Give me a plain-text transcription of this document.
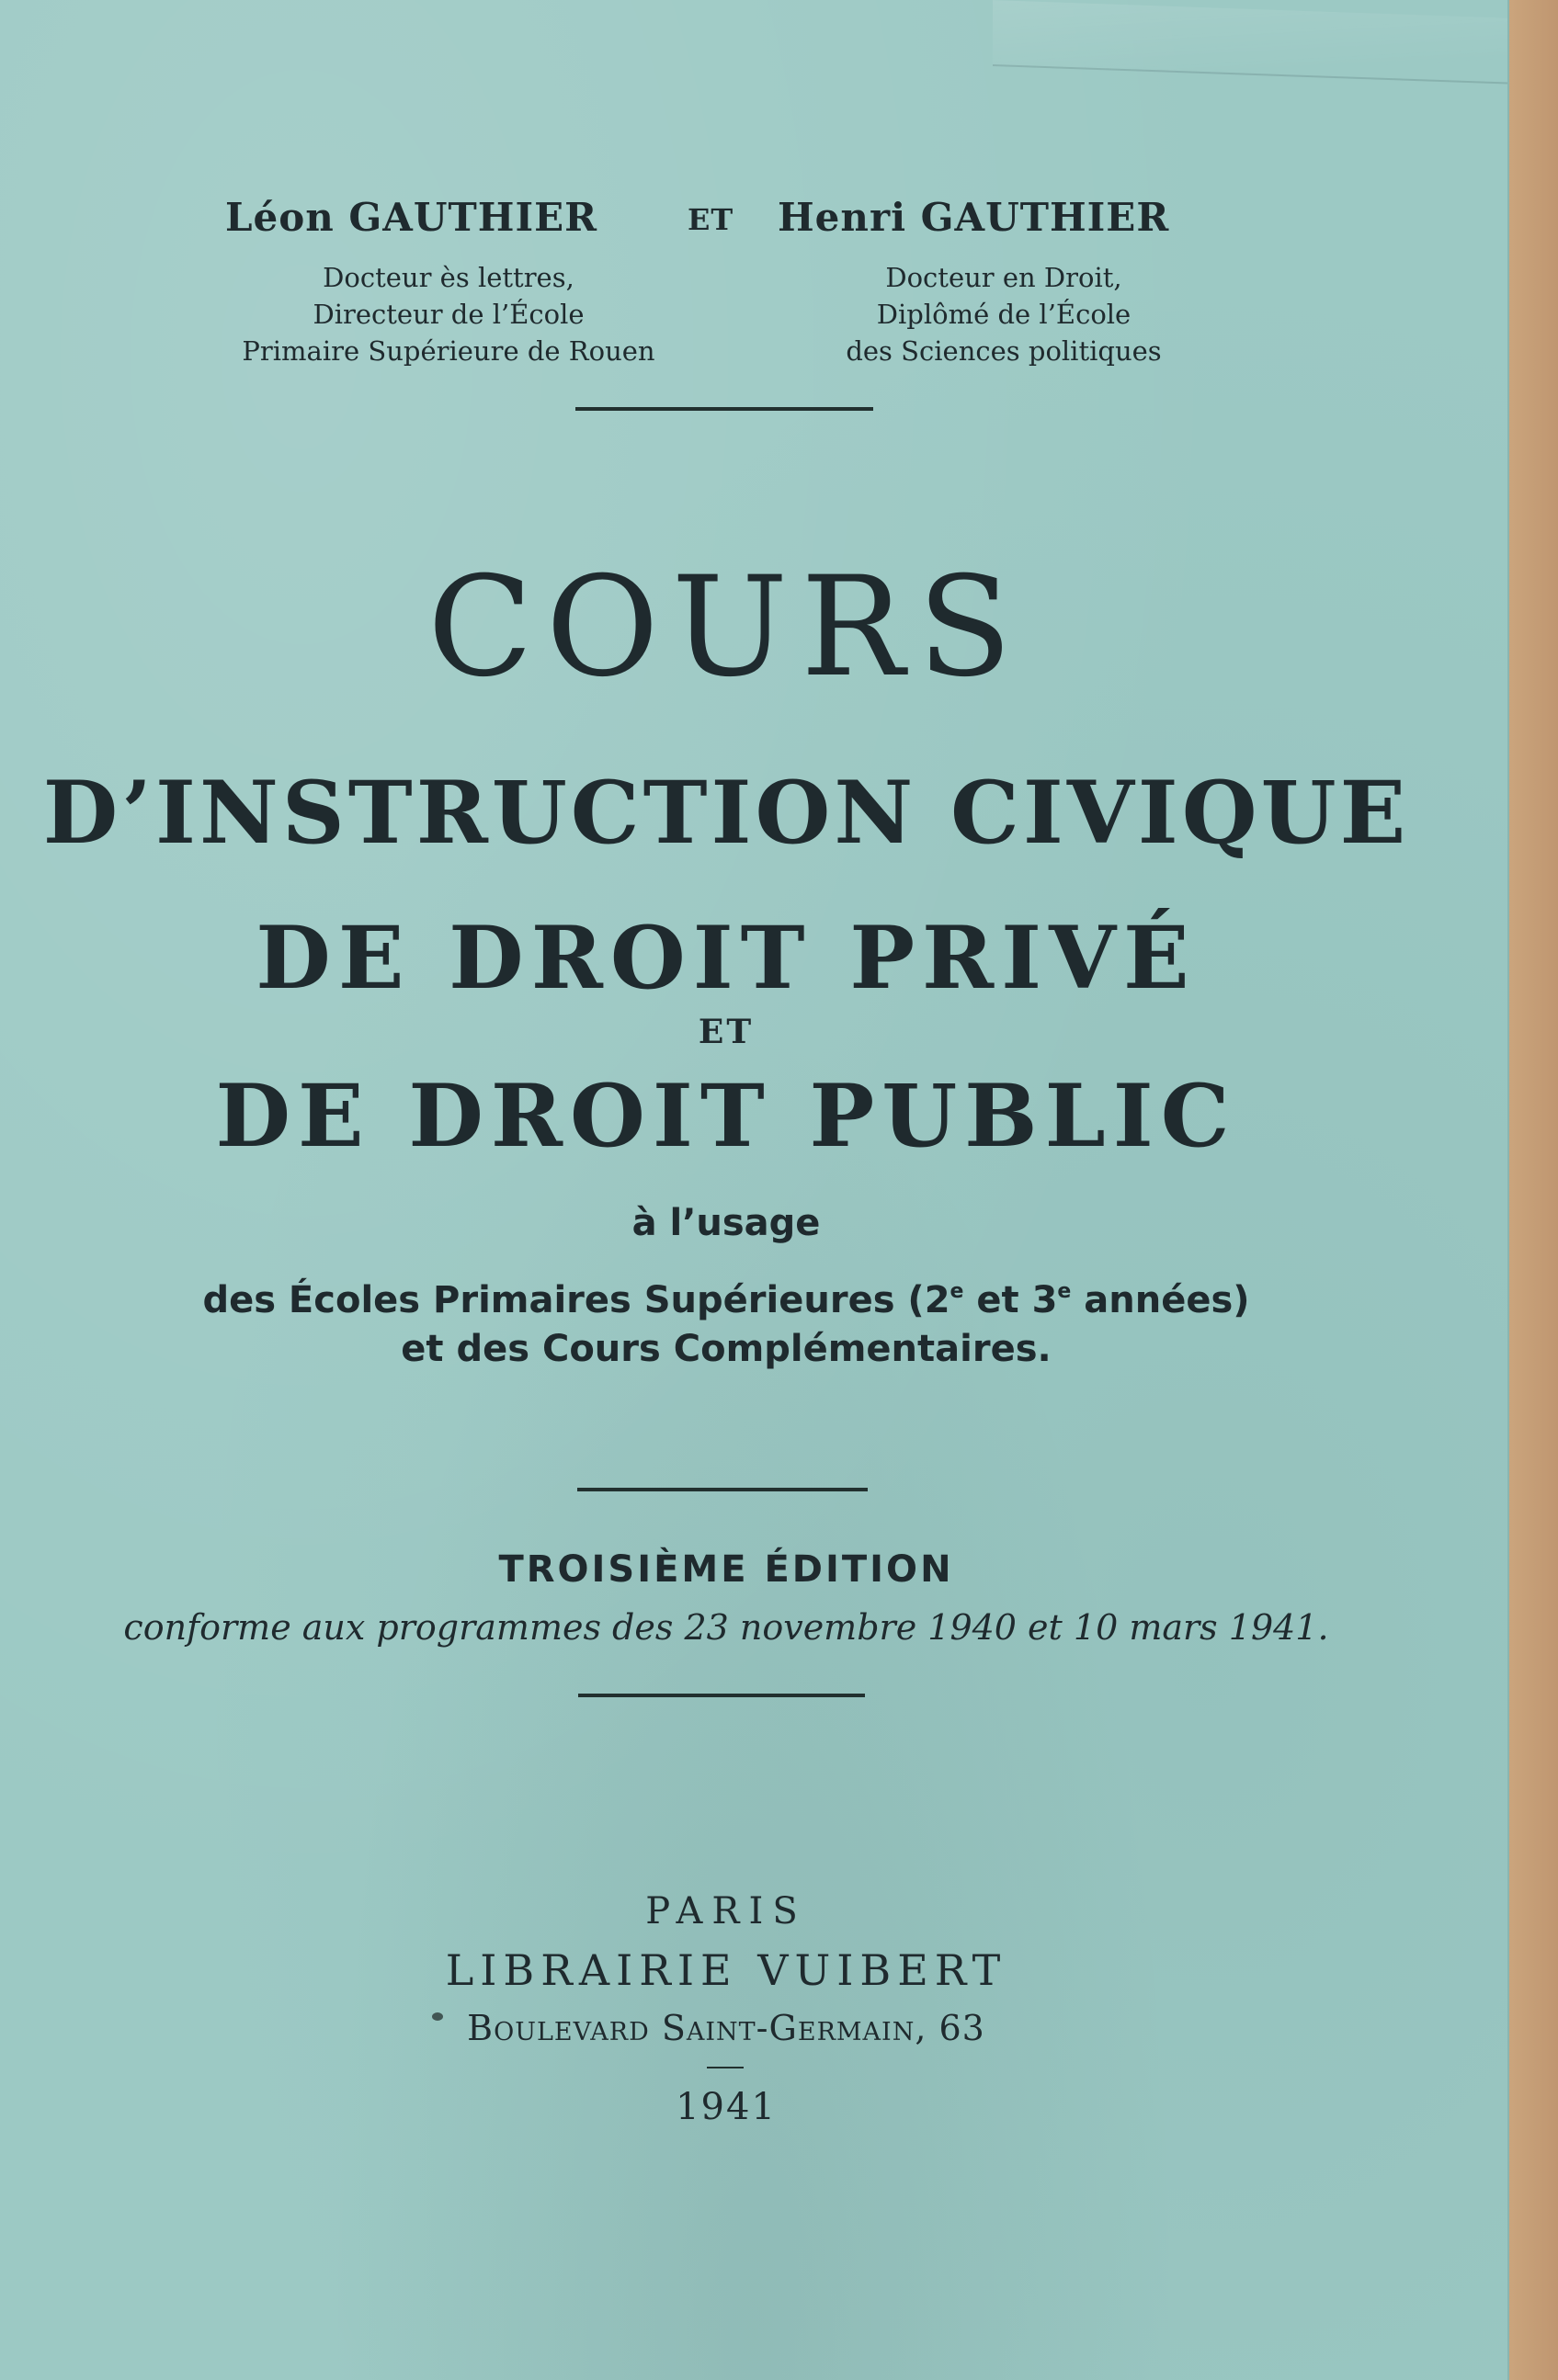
Léon GAUTHIER	ET Henri GAUTHIER
Docteur ès lettres,
Directeur de l’École
Primaire Supérieure de Rouen
Docteur en Droit,
Diplômé de l’École
des Sciences politiques
COURS
D’INSTRUCTION CIVIQUE
DE DROIT PRIVÉ
ET
DE DROIT PUBLIC
à l’usage
des Écoles Primaires Supérieures (2e et 3e années)
et des Cours Complémentaires.
TROISIÈME ÉDITION
conforme aux programmes des 23 novembre 1940 et 10 mars 1941.
PARIS
LIBRAIRIE VUIBERT
Boulevard Saint-Germain, 63
1941
